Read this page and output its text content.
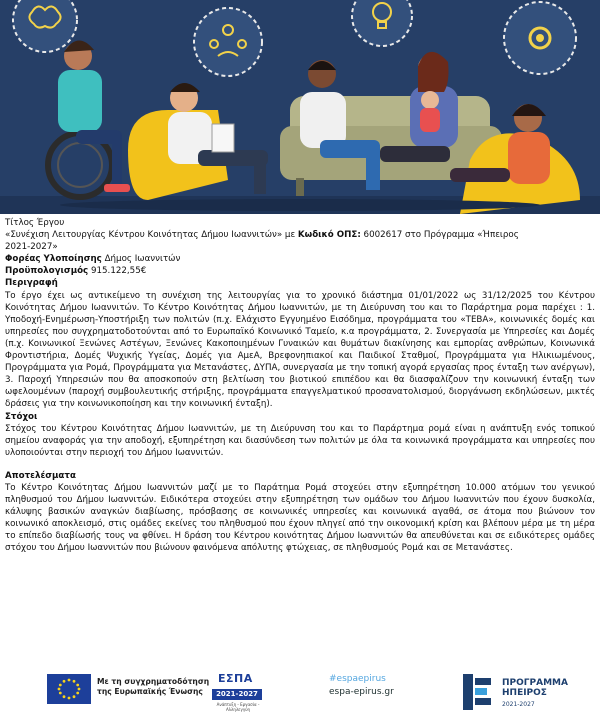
Τίτλος Έργου

«Συνέχιση Λειτουργίας Κέντρου Κοινότητας Δήμου Ιωαννιτών» με Κωδικό ΟΠΣ: 6002617 στο Πρόγραμμα «Ήπειρος

2021-2027»

Φορέας Υλοποίησης Δήμος Ιωαννιτών

Προϋπολογισμός 915.122,55€

Περιγραφή

Το έργο έχει ως αντικείμενο τη συνέχιση της λειτουργίας για το χρονικό διάστημα 01/01/2022 ως 31/12/2025 του Κέντρου Κοινότητας Δήμου Ιωαννιτών. Το Κέντρο Κοινότητας Δήμου Ιωαννιτών, με τη Διεύρυνση του και το Παράρτημα ρομα παρέχει : 1. Υποδοχή-Ενημέρωση-Υποστήριξη των πολιτών (π.χ. Ελάχιστο Εγγυημένο Εισόδημα, προγράμματα του «ΤΕΒΑ», κοινωνικές δομές και υπηρεσίες που συγχρηματοδοτούνται από το Ευρωπαϊκό Κοινωνικό Ταμείο, κ.α προγράμματα, 2. Συνεργασία με Υπηρεσίες και Δομές (π.χ. Κοινωνικοί Ξενώνες Αστέγων, Ξενώνες Κακοποιημένων Γυναικών και θυμάτων διακίνησης και εμπορίας ανθρώπων, Κοινωνικά Φροντιστήρια, Δομές Ψυχικής Υγείας, Δομές για ΑμεΑ, Βρεφονηπιακοί και Παιδικοί Σταθμοί, Προγράμματα για Ηλικιωμένους, Προγράμματα για Ρομά, Προγράμματα για Μετανάστες, ΔΥΠΑ, συνεργασία με την τοπική αγορά εργασίας προς ένταξη των ανέργων), 3. Παροχή Υπηρεσιών που θα αποσκοπούν στη βελτίωση του βιοτικού επιπέδου και θα διασφαλίζουν την κοινωνική ένταξη των ωφελουμένων (παροχή συμβουλευτικής στήριξης, προγράμματα επαγγελματικού προσανατολισμού, διοργάνωση εκδηλώσεων, μικτές δράσεις για την κοινωνικοποίηση και την κοινωνική ένταξη).

Στόχοι

Στόχος του Κέντρου Κοινότητας Δήμου Ιωαννιτών, με τη Διεύρυνση του και το Παράρτημα ρομά είναι η ανάπτυξη ενός τοπικού σημείου αναφοράς για την αποδοχή, εξυπηρέτηση και διασύνδεση των πολιτών με όλα τα κοινωνικά προγράμματα και υπηρεσίες που υλοποιούνται στην περιοχή του Δήμου Ιωαννιτών.

Αποτελέσματα

Το Κέντρο Κοινότητας Δήμου Ιωαννιτών μαζί με το Παράτημα Ρομά στοχεύει στην εξυπηρέτηση 10.000 ατόμων του γενικού πληθυσμού του Δήμου Ιωαννιτών. Ειδικότερα στοχεύει στην εξυπηρέτηση των ομάδων του Δήμου Ιωαννιτών που έχουν δυσκολία, κάλυψης βασικών αναγκών διαβίωσης, πρόσβασης σε κοινωνικές υπηρεσίες και κοινωνικά αγαθά, σε άτομα που βιώνουν τον κοινωνικό αποκλεισμό, στις ομάδες εκείνες του πληθυσμού που έχουν πληγεί από την οικονομική κρίση και βλέπουν μέρα με τη μέρα το επίπεδο διαβίωσής τους να φθίνει. Η δράση του Κέντρου κοινότητας Δήμου Ιωαννιτών θα απευθύνεται και σε ειδικότερες ομάδες στόχου του Δήμου Ιωαννιτών που βιώνουν φαινόμενα απόλυτης φτώχειας, σε πληθυσμούς Ρομά και σε Μετανάστες.

Με τη συγχρηματοδότηση της Ευρωπαϊκής Ένωσης
ΕΣΠΑ
2021-2027
Ανάπτυξη - Εργασία - Αλληλεγγύη
#espaepirus
espa-epirus.gr
ΠΡΟΓΡΑΜΜΑ
ΗΠΕΙΡΟΣ
2021-2027
